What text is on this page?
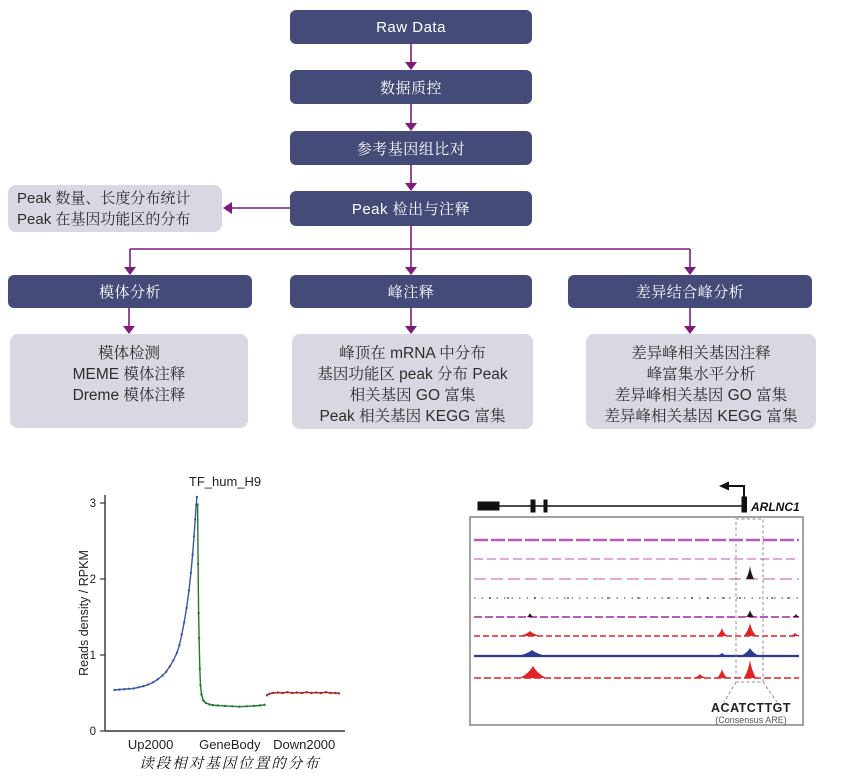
Raw Data
数据质控
参考基因组比对
Peak 检出与注释
Peak 数量、长度分布统计
Peak 在基因功能区的分布
模体分析	峰注释	差异结合峰分析
模体检测
MEME 模体注释
Dreme 模体注释
峰顶在 mRNA 中分布
基因功能区 peak 分布 Peak
相关基因 GO 富集
Peak 相关基因 KEGG 富集
差异峰相关基因注释
峰富集水平分析
差异峰相关基因 GO 富集
差异峰相关基因 KEGG 富集
TF_hum_H9
Reads density / RPKM
0
1
2
3
Up2000 GeneBody Down2000
读段相对基因位置的分布
ARLNC1
ACATCTTGT
(Consensus ARE)
